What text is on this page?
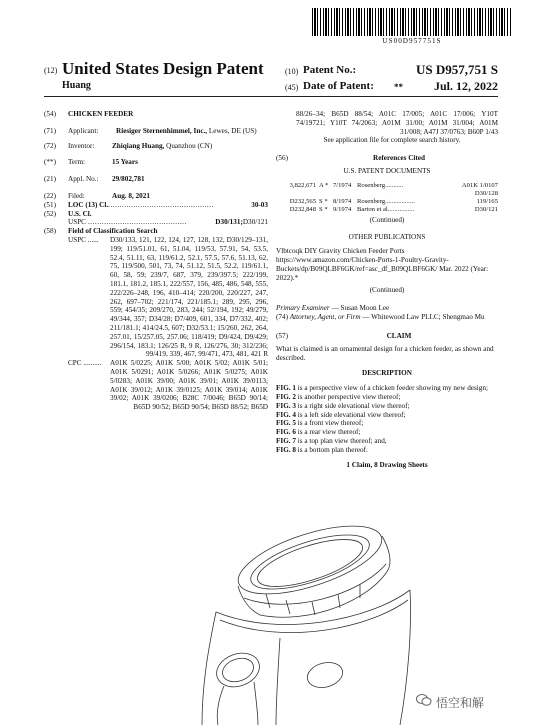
US00D957751S
(12) United States Design Patent
Huang
(10) Patent No.:	US D957,751 S
(45) Date of Patent: **	Jul. 12, 2022
(54)	CHICKEN FEEDER
(71)	Applicant:	Riesiger Sternenhimmel, Inc., Lewes, DE (US)
(72)	Inventor:	Zhiqiang Huang, Quanzhou (CN)
(**)	Term:	15 Years
(21)	Appl. No.:	29/802,781
(22)	Filed:	Aug. 8, 2021
(51)	LOC (13) Cl. ..............................................	30-03
(52)	U.S. Cl.
USPC ...........................................	D30/131; D30/121
(58)	Field of Classification Search
USPC ......	D30/133, 121, 122, 124, 127, 128, 132, D30/129–131, 199; 119/51.01, 61, 51.04, 119/53, 57.91, 54, 53.5, 52.4, 51.11, 63, 119/61.2, 52.1, 57.5, 57.6, 51.13, 62, 75, 119/500, 501, 73, 74, 51.12, 51.5, 52.2, 119/61.1, 60, 58, 59; 239/7, 687, 379, 239/397.5; 222/199, 181.1, 181.2, 185.1, 222/557, 156, 485, 486, 548, 555, 222/226–248, 196, 410–414; 220/200, 220/227, 247, 262, 697–702; 221/174, 221/185.1; 289, 295, 296, 559; 454/35; 209/270, 283, 244; 52/194, 192; 49/279, 49/344, 357; D34/28; D7/409, 601, 334, D7/332, 402; 211/181.1; 414/24.5, 607; D32/53.1; 15/260, 262, 264, 257.01, 15/257.05, 257.06; 118/419; D9/424, D9/429; 296/154, 183.1; 126/25 R, 9 R, 126/276, 30; 312/236; 99/419, 339, 467, 99/471, 473, 481, 421 R
CPC ..........	A01K 5/0225; A01K 5/00; A01K 5/02; A01K 5/01; A01K 5/0291; A01K 5/0266; A01K 5/0275; A01K 5/0283; A01K 39/00; A01K 39/01; A01K 39/0113; A01K 39/012; A01K 39/0125; A01K 39/014; A01K 39/02; A01K 39/0206; B28C 7/0046; B65D 90/14; B65D 90/52; B65D 90/54; B65D 88/52; B65D

88/26–34; B65D 88/54; A01C 17/005; A01C 17/006; Y10T 74/19721; Y10T 74/2063; A01M 31/00; A01M 31/004; A01M 31/008; A47J 37/0763; B60P 1/43

See application file for complete search history.

(56)	References Cited

U.S. PATENT DOCUMENTS

3,822,671 A * 7/1974 Rosenberg ...........	A01K 1/0107
D30/128
D232,565 S * 8/1974 Rosenberg ..................	119/165
D232,848 S * 9/1974 Barton et al. ...............	D30/121

(Continued)

OTHER PUBLICATIONS

Vlbtcoqk DIY Gravity Chicken Feeder Ports https://www.amazon.com/Chicken-Ports-1-Poultry-Gravity-Buckets/dp/B09QLBF6GK/ref=asc_df_B09QLBF6GK/ Mar. 2022 (Year: 2022).*

(Continued)

Primary Examiner — Susan Moon Lee

(74) Attorney, Agent, or Firm — Whitewood Law PLLC; Shengmao Mu

(57)	CLAIM

What is claimed is an ornamental design for a chicken feeder, as shown and described.

DESCRIPTION

FIG. 1 is a perspective view of a chicken feeder showing my new design;

FIG. 2 is another perspective view thereof;

FIG. 3 is a right side elevational view thereof;

FIG. 4 is a left side elevational view thereof;

FIG. 5 is a front view thereof;

FIG. 6 is a rear view thereof;

FIG. 7 is a top plan view thereof; and,

FIG. 8 is a bottom plan thereof.

1 Claim, 8 Drawing Sheets

悟空和解
